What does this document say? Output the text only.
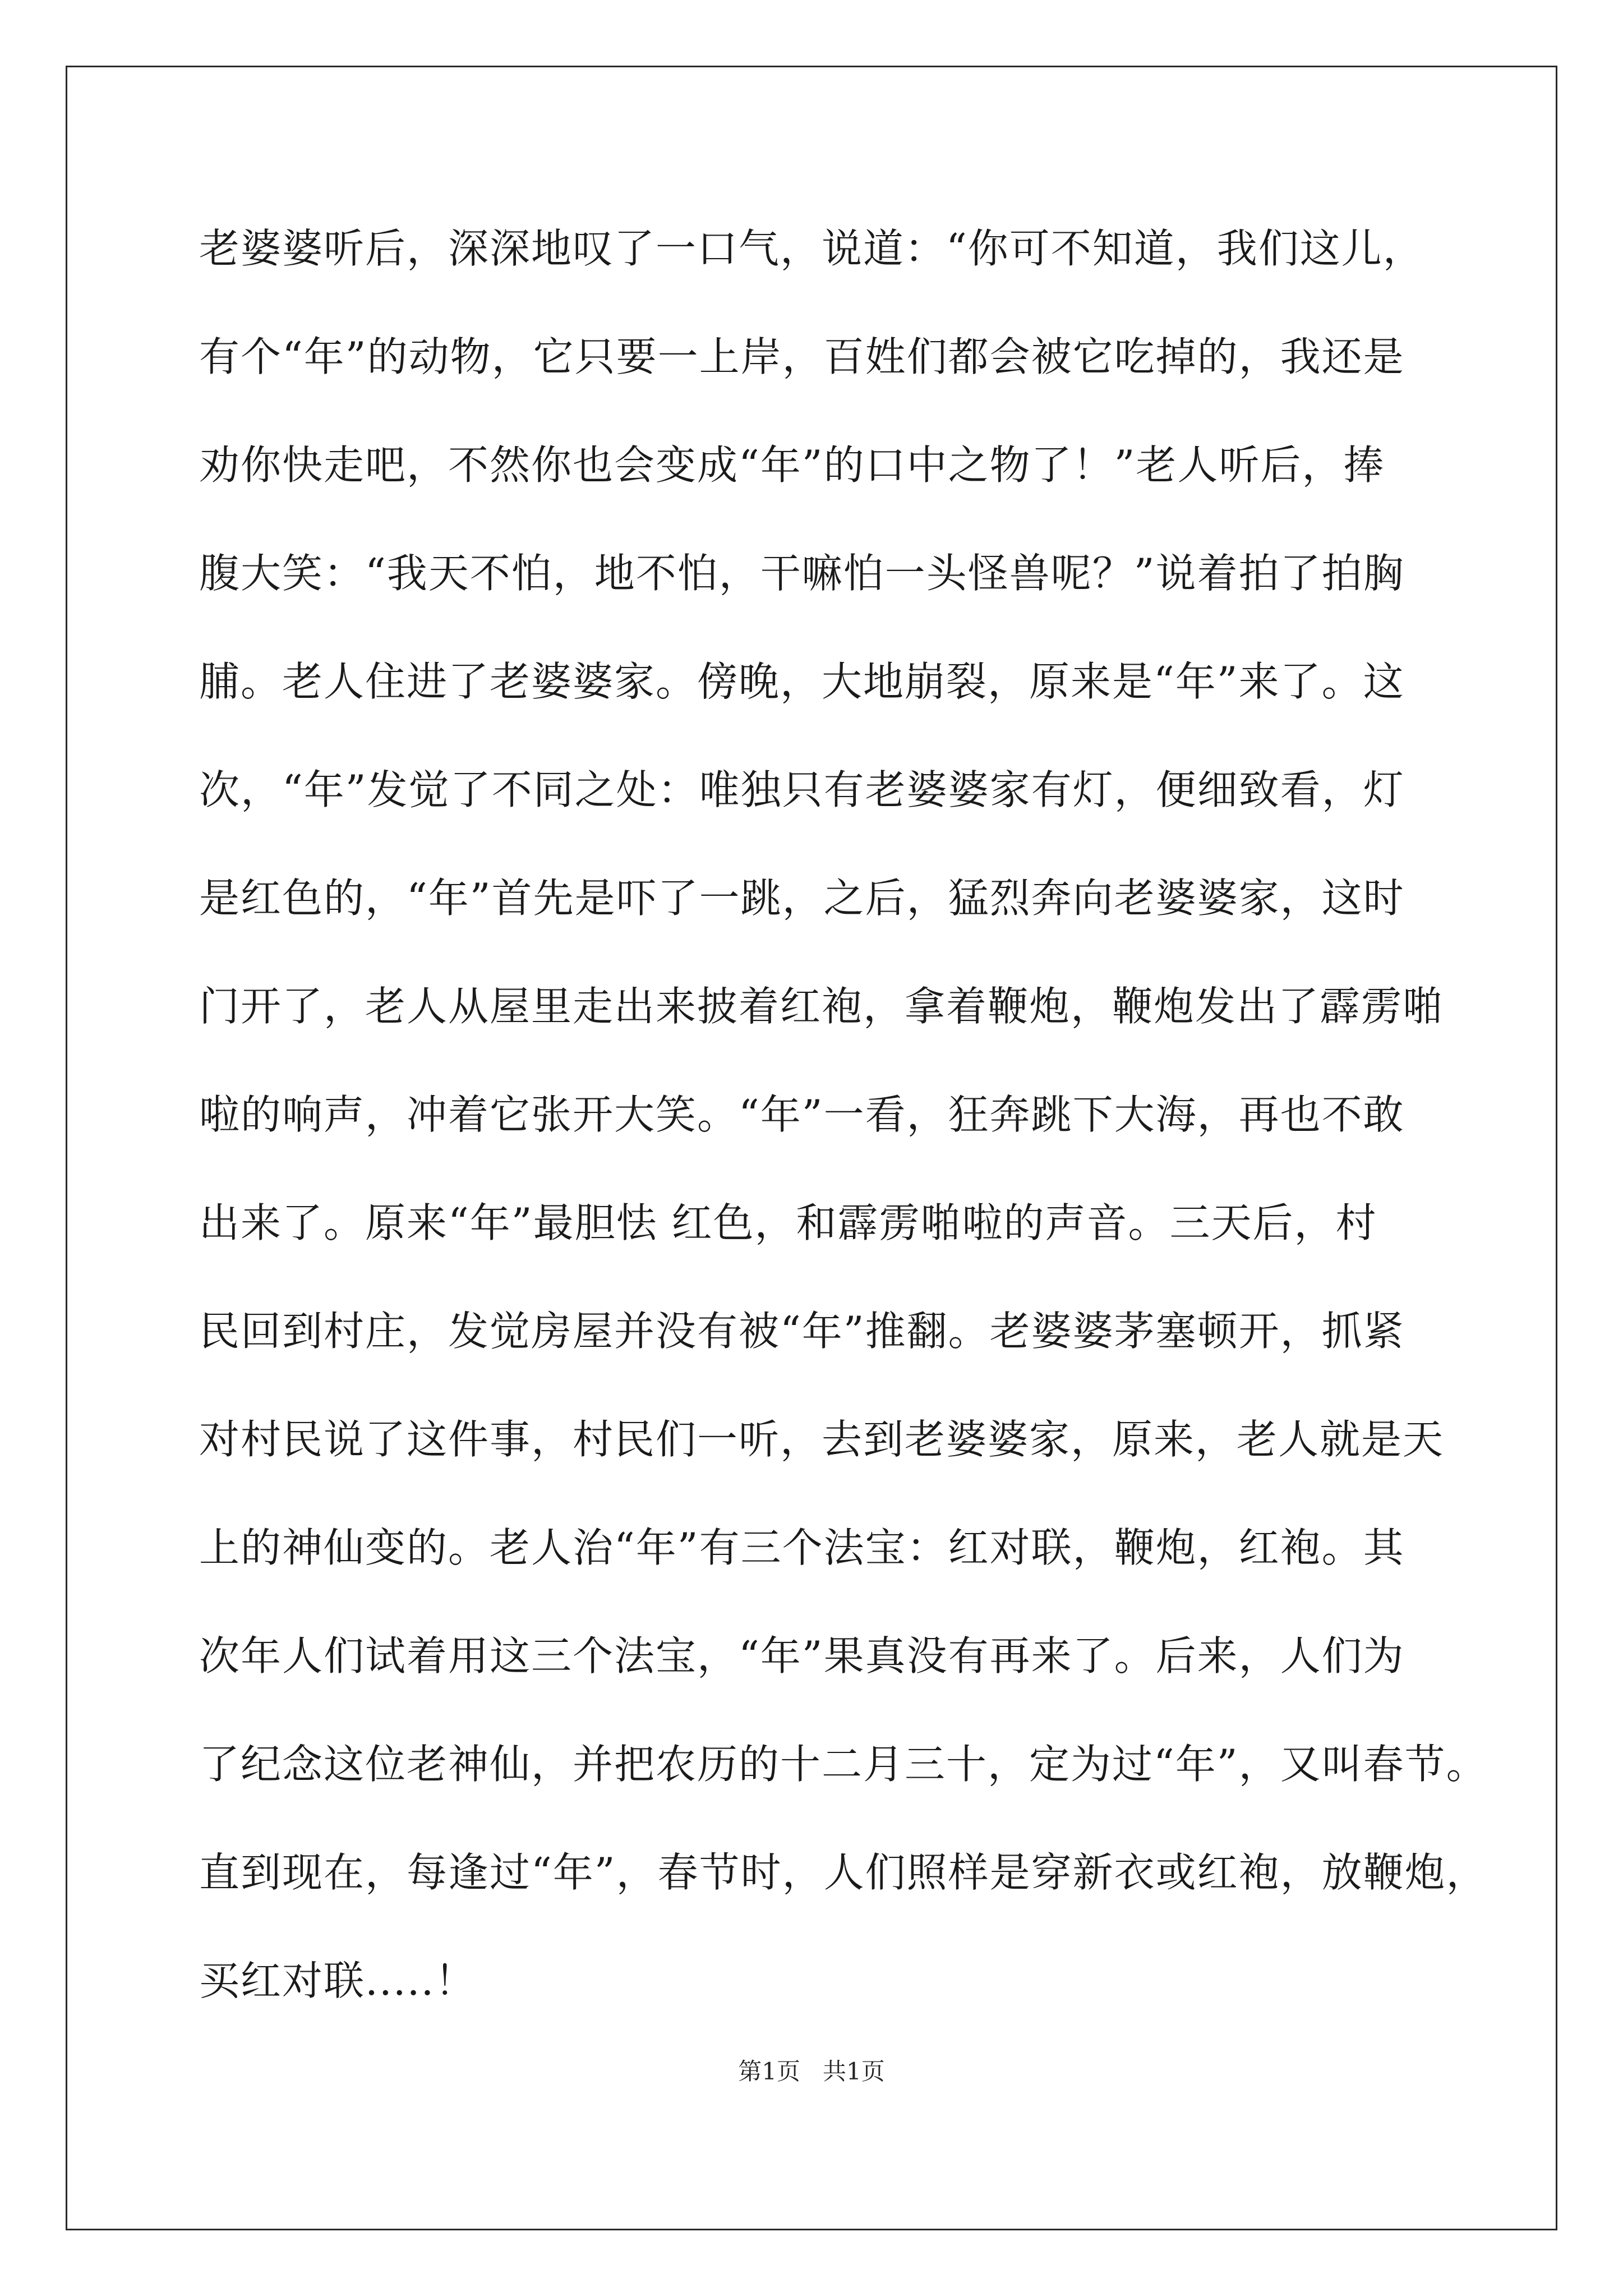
老婆婆听后，深深地叹了一口气，说道：“你可不知道，我们这儿，
有个“年”的动物，它只要一上岸，百姓们都会被它吃掉的，我还是
劝你快走吧，不然你也会变成“年”的口中之物了！”老人听后，捧
腹大笑：“我天不怕，地不怕，干嘛怕一头怪兽呢？”说着拍了拍胸
脯。老人住进了老婆婆家。傍晚，大地崩裂，原来是“年”来了。这
次，“年”发觉了不同之处：唯独只有老婆婆家有灯，便细致看，灯
是红色的，“年”首先是吓了一跳，之后，猛烈奔向老婆婆家，这时
门开了，老人从屋里走出来披着红袍，拿着鞭炮，鞭炮发出了霹雳啪
啦的响声，冲着它张开大笑。“年”一看，狂奔跳下大海，再也不敢
出来了。原来“年”最胆怯 红色，和霹雳啪啦的声音。三天后，村
民回到村庄，发觉房屋并没有被“年”推翻。老婆婆茅塞顿开，抓紧
对村民说了这件事，村民们一听，去到老婆婆家，原来，老人就是天
上的神仙变的。老人治“年”有三个法宝：红对联，鞭炮，红袍。其
次年人们试着用这三个法宝，“年”果真没有再来了。后来，人们为
了纪念这位老神仙，并把农历的十二月三十，定为过“年”，又叫春节。
直到现在，每逢过“年”，春节时，人们照样是穿新衣或红袍，放鞭炮，
买红对联.....！
第1页   共1页
